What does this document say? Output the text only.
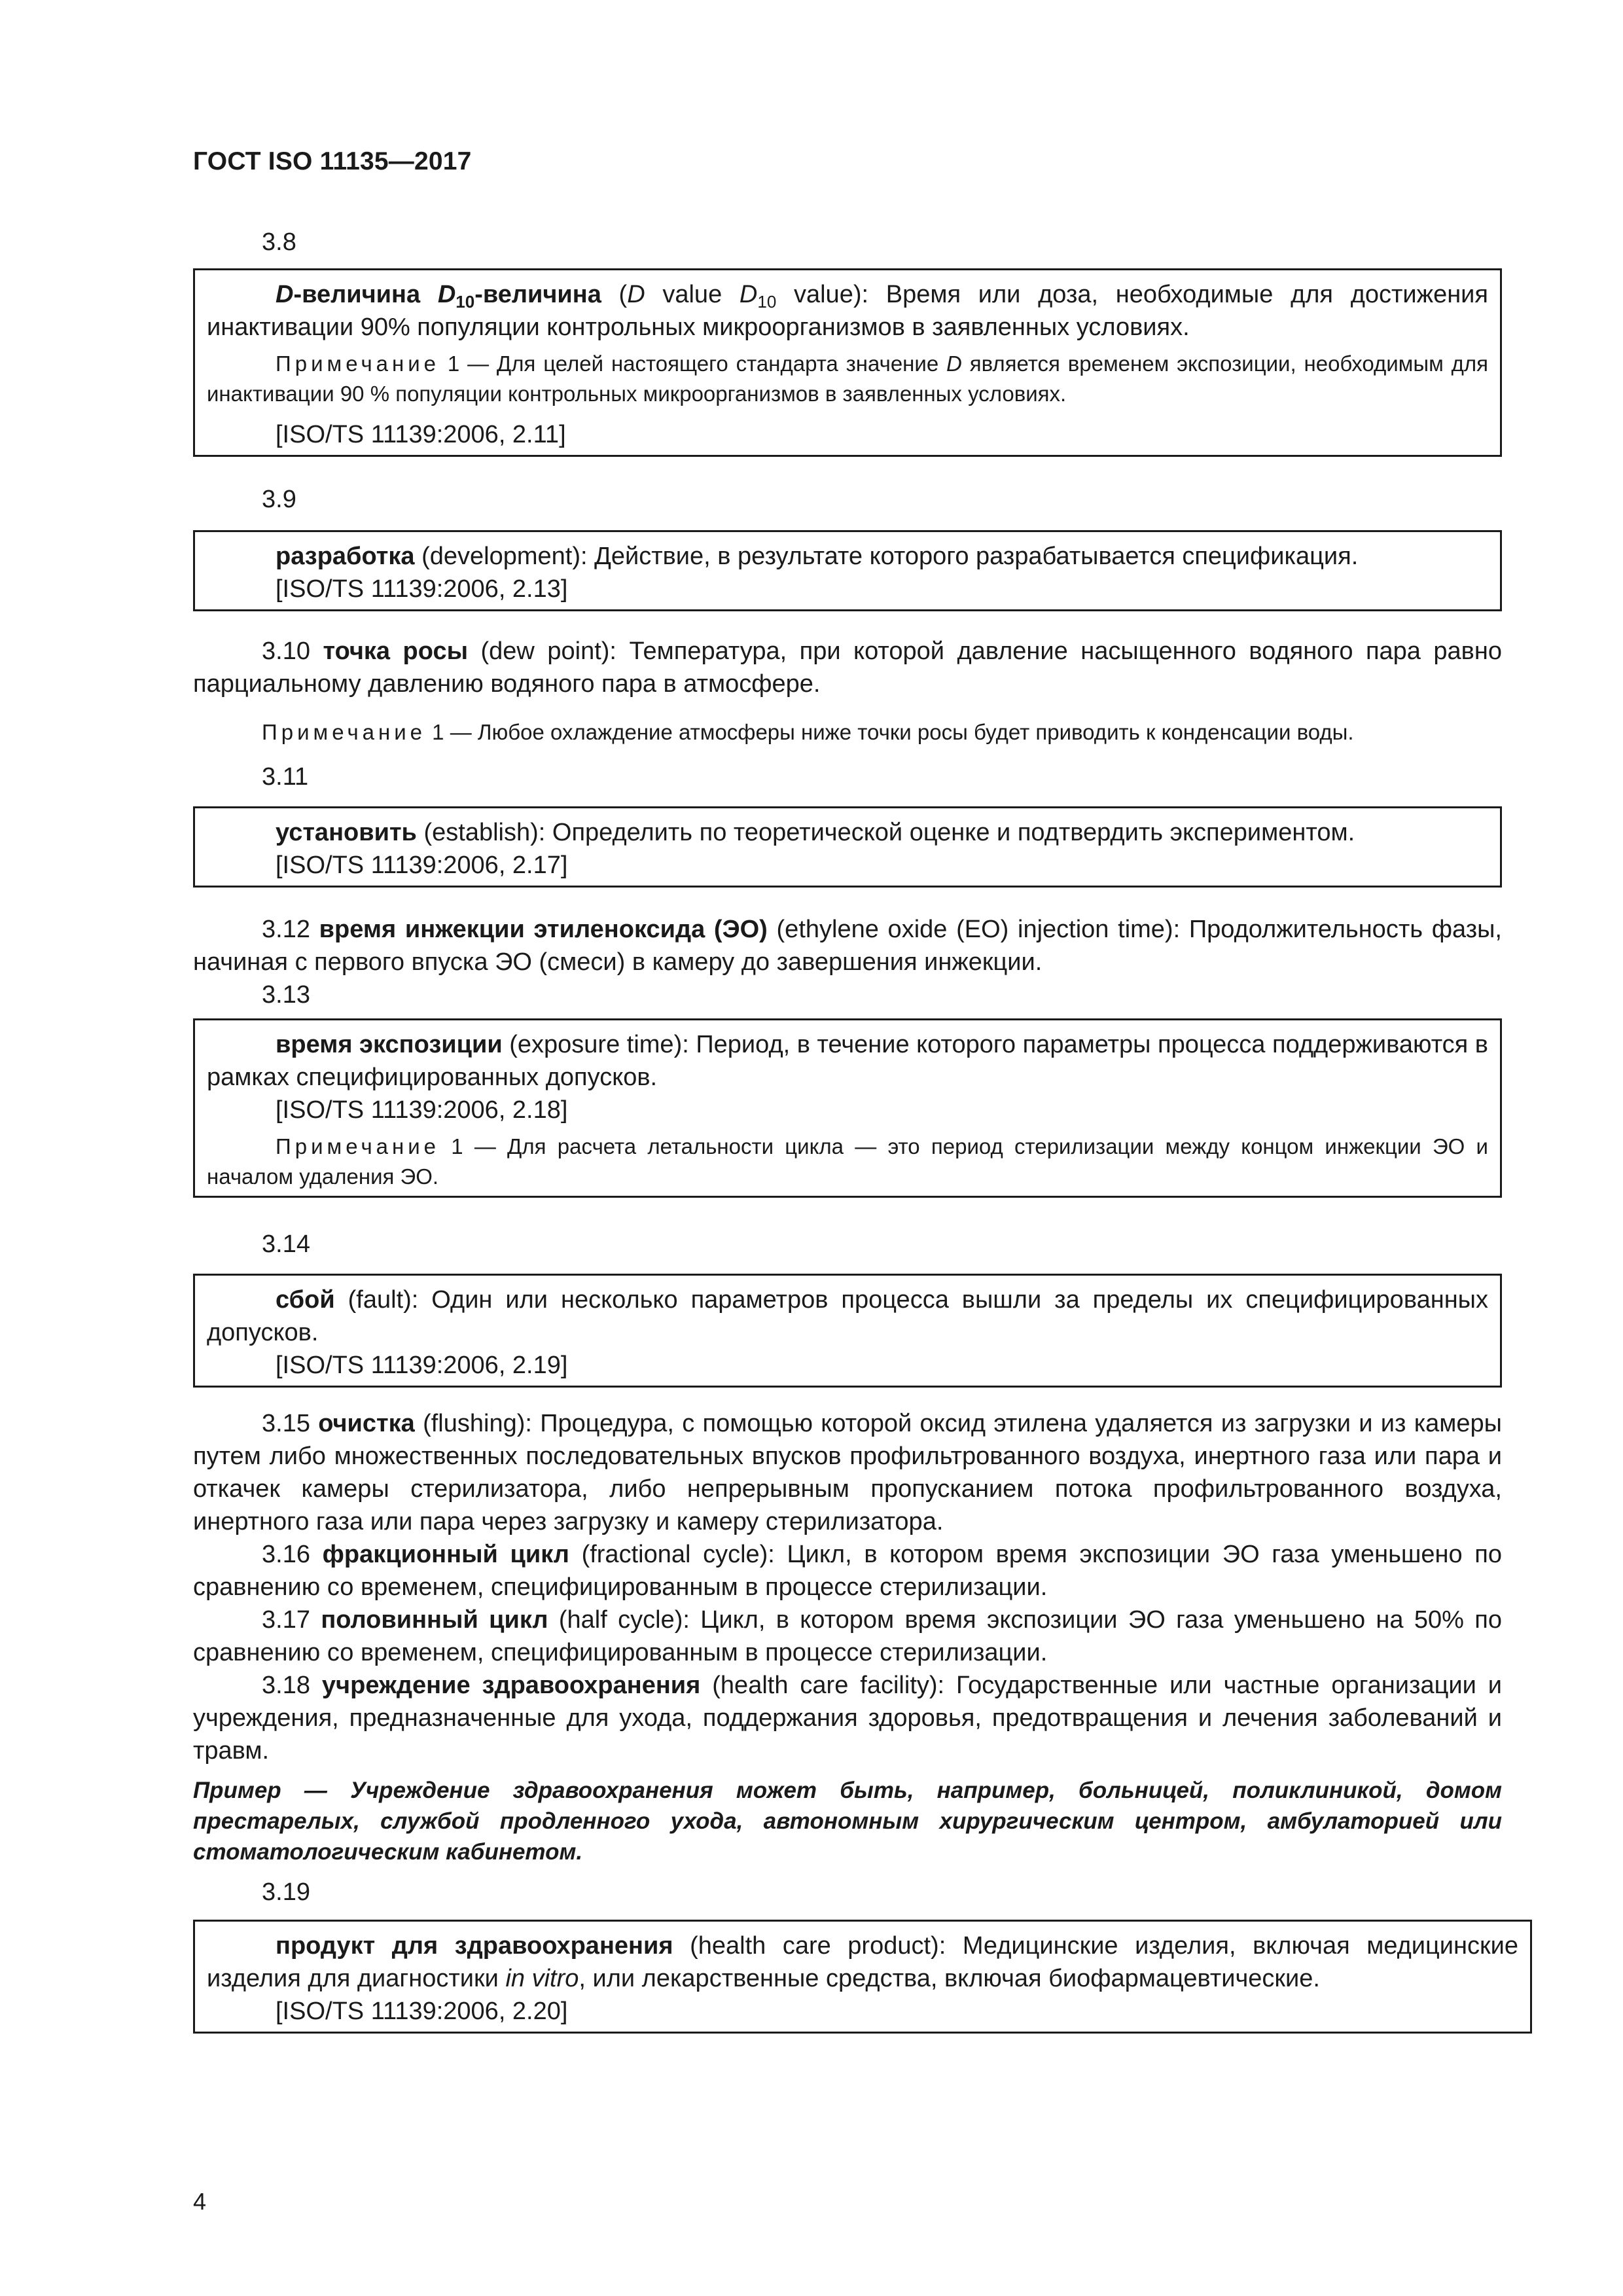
ГОСТ ISO 11135—2017
3.8

D-величина $D_{10}$-величина (D value $D_{10}$ value): Время или доза, необходимые для достижения инактивации 90% популяции контрольных микроорганизмов в заявленных условиях.

Примечание 1 — Для целей настоящего стандарта значение D является временем экспозиции, необходимым для инактивации 90 % популяции контрольных микроорганизмов в заявленных условиях.

[ISO/TS 11139:2006, 2.11]

3.9

разработка (development): Действие, в результате которого разрабатывается спецификация.

[ISO/TS 11139:2006, 2.13]

3.10 точка росы (dew point): Температура, при которой давление насыщенного водяного пара равно парциальному давлению водяного пара в атмосфере.

Примечание 1 — Любое охлаждение атмосферы ниже точки росы будет приводить к конденсации воды.

3.11

установить (establish): Определить по теоретической оценке и подтвердить экспериментом.

[ISO/TS 11139:2006, 2.17]

3.12 время инжекции этиленоксида (ЭО) (ethylene oxide (EO) injection time): Продолжительность фазы, начиная с первого впуска ЭО (смеси) в камеру до завершения инжекции.

3.13

время экспозиции (exposure time): Период, в течение которого параметры процесса поддерживаются в рамках специфицированных допусков.

[ISO/TS 11139:2006, 2.18]

Примечание 1 — Для расчета летальности цикла — это период стерилизации между концом инжекции ЭО и началом удаления ЭО.

3.14

сбой (fault): Один или несколько параметров процесса вышли за пределы их специфицированных допусков.

[ISO/TS 11139:2006, 2.19]

3.15 очистка (flushing): Процедура, с помощью которой оксид этилена удаляется из загрузки и из камеры путем либо множественных последовательных впусков профильтрованного воздуха, инертного газа или пара и откачек камеры стерилизатора, либо непрерывным пропусканием потока профильтрованного воздуха, инертного газа или пара через загрузку и камеру стерилизатора.

3.16 фракционный цикл (fractional cycle): Цикл, в котором время экспозиции ЭО газа уменьшено по сравнению со временем, специфицированным в процессе стерилизации.

3.17 половинный цикл (half cycle): Цикл, в котором время экспозиции ЭО газа уменьшено на 50% по сравнению со временем, специфицированным в процессе стерилизации.

3.18 учреждение здравоохранения (health care facility): Государственные или частные организации и учреждения, предназначенные для ухода, поддержания здоровья, предотвращения и лечения заболеваний и травм.

Пример — Учреждение здравоохранения может быть, например, больницей, поликлиникой, домом престарелых, службой продленного ухода, автономным хирургическим центром, амбулаторией или стоматологическим кабинетом.
3.19

продукт для здравоохранения (health care product): Медицинские изделия, включая медицинские изделия для диагностики in vitro, или лекарственные средства, включая биофармацевтические.

[ISO/TS 11139:2006, 2.20]

4
